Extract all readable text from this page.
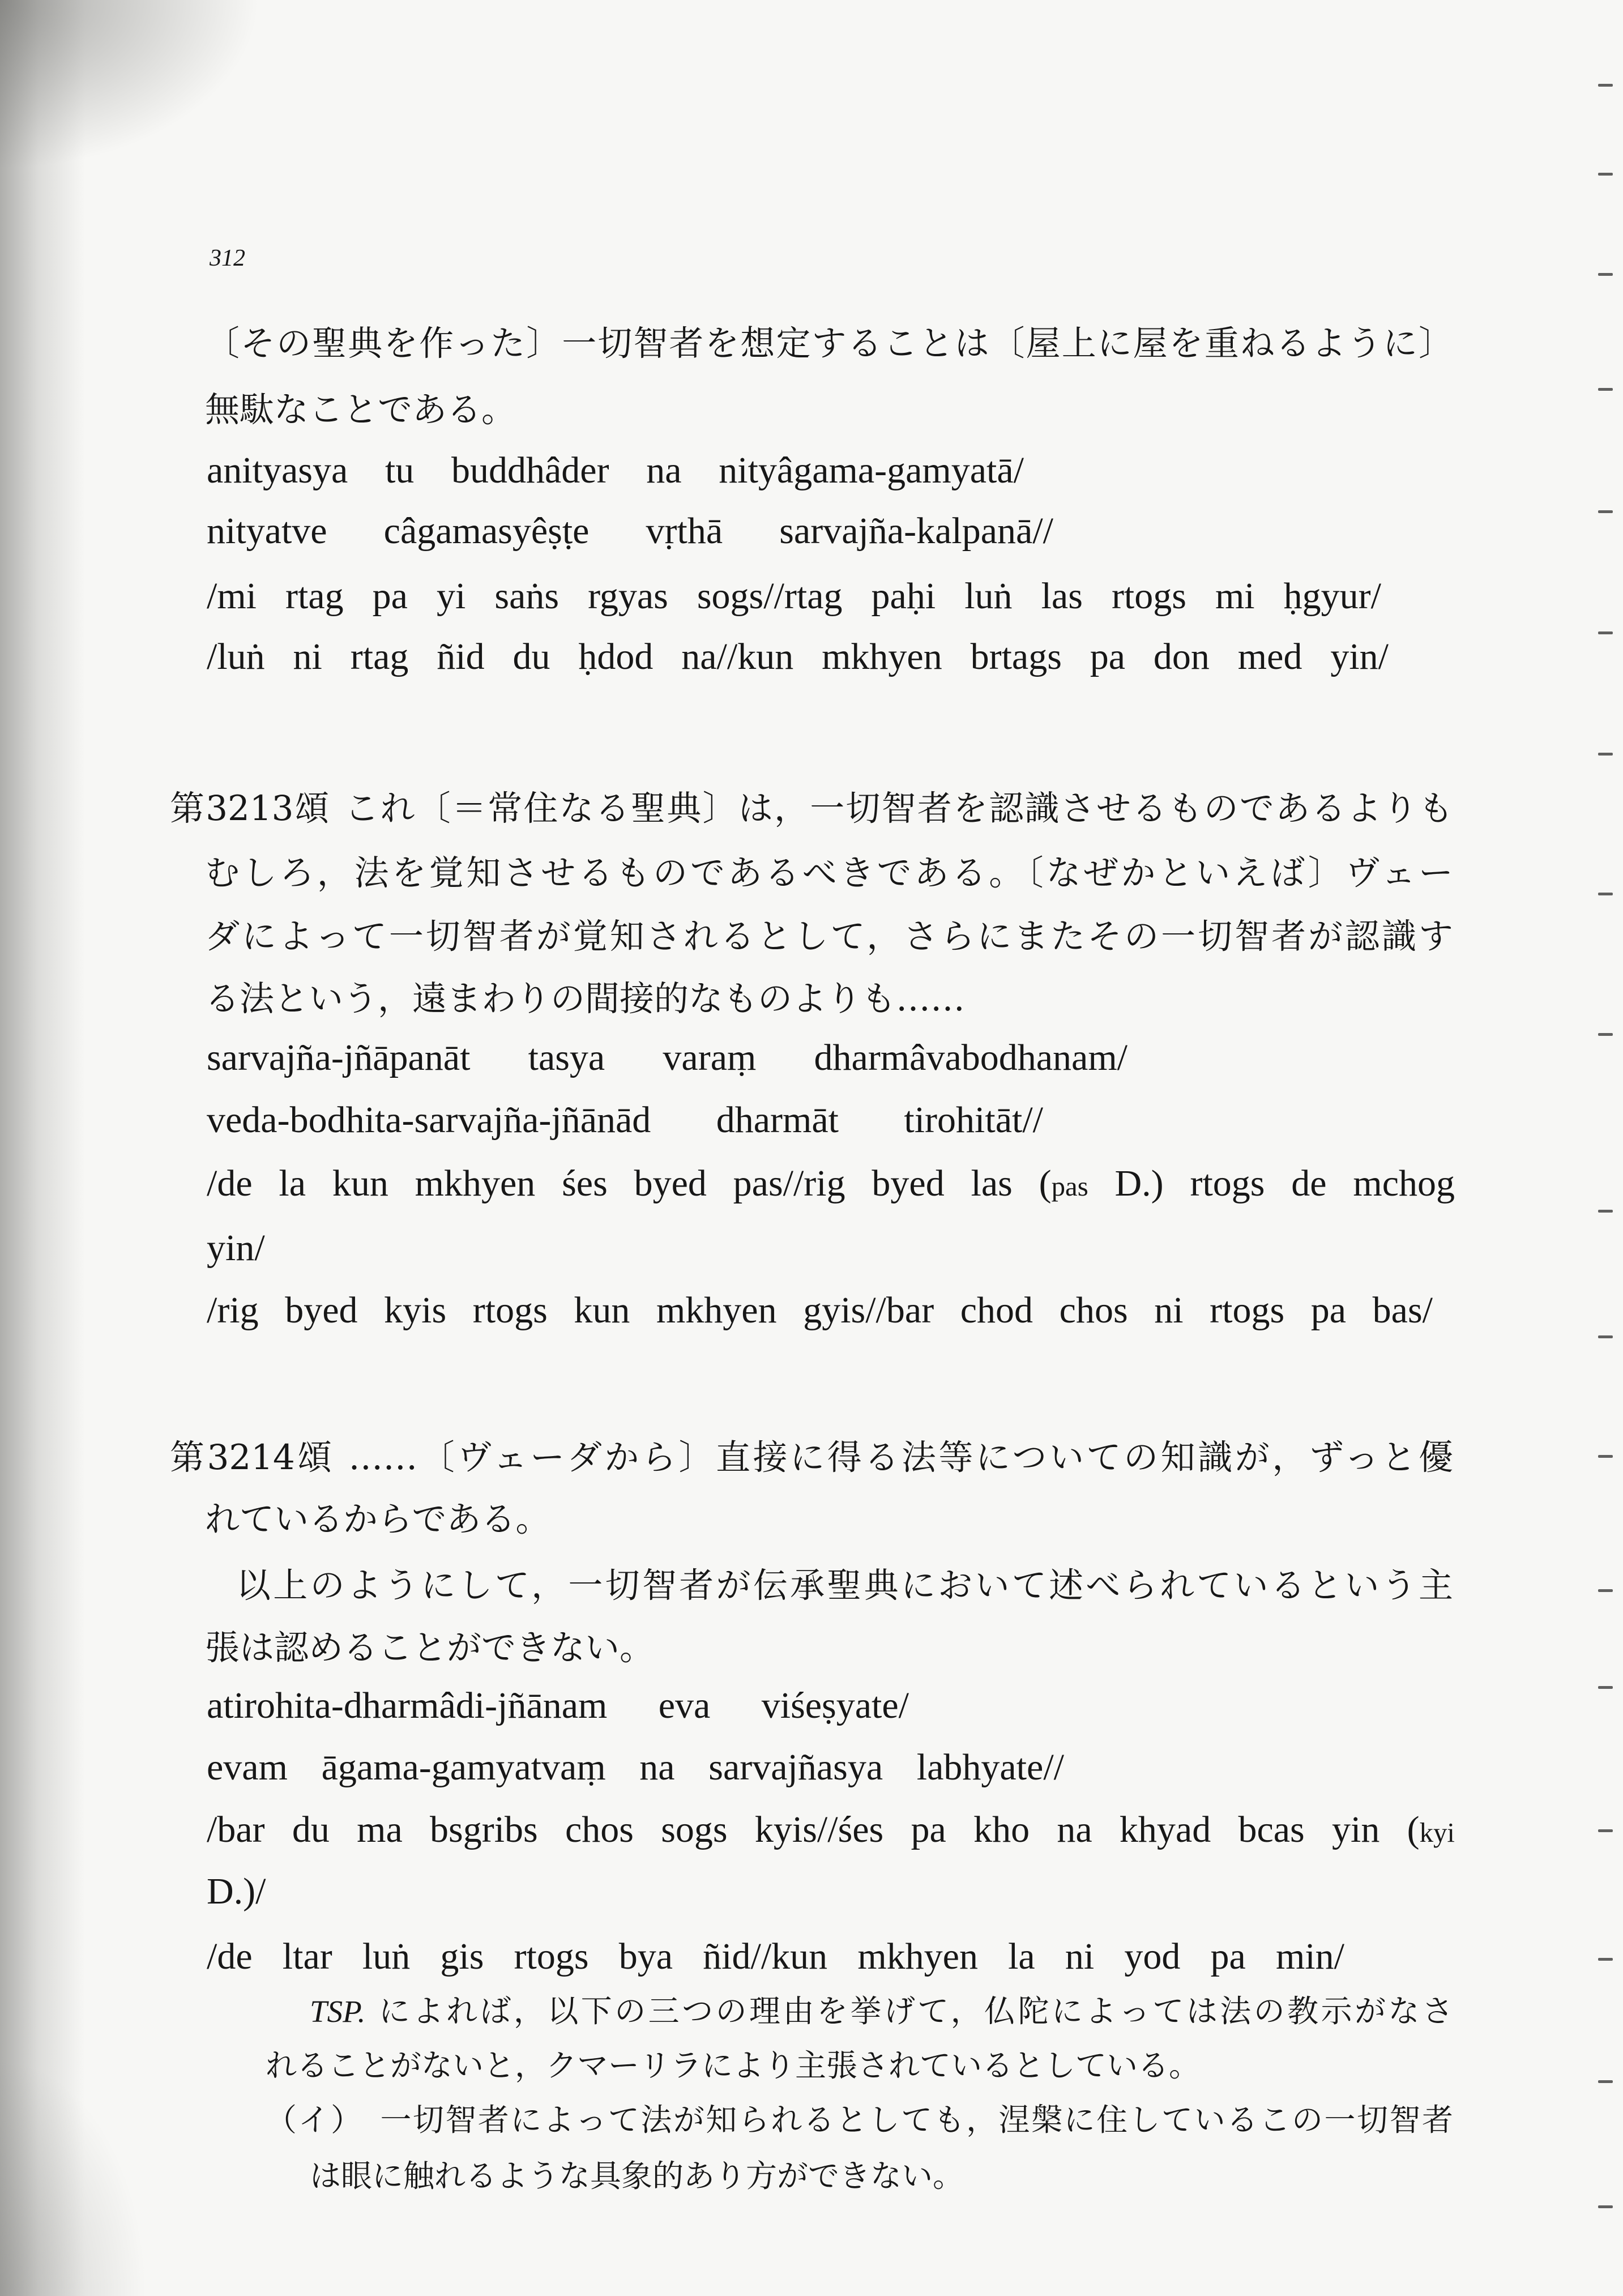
312
〔その聖典を作った〕一切智者を想定することは〔屋上に屋を重ねるように〕
無駄なことである。
anityasya tu buddhâder na nityâgama-gamyatā/
nityatve câgamasyêṣṭe vṛthā sarvajña-kalpanā//
/mi rtag pa yi saṅs rgyas sogs//rtag paḥi luṅ las rtogs mi ḥgyur/
/luṅ ni rtag ñid du ḥdod na//kun mkhyen brtags pa don med yin/
第3213頌 これ〔＝常住なる聖典〕は，一切智者を認識させるものであるよりも
むしろ，法を覚知させるものであるべきである。〔なぜかといえば〕ヴェー
ダによって一切智者が覚知されるとして，さらにまたその一切智者が認識す
る法という，遠まわりの間接的なものよりも……
sarvajña-jñāpanāt tasya varaṃ dharmâvabodhanam/
veda-bodhita-sarvajña-jñānād dharmāt tirohitāt//
/de la kun mkhyen śes byed pas//rig byed las (pas D.) rtogs de mchog
yin/
/rig byed kyis rtogs kun mkhyen gyis//bar chod chos ni rtogs pa bas/
第3214頌 ……〔ヴェーダから〕直接に得る法等についての知識が，ずっと優
れているからである。
以上のようにして，一切智者が伝承聖典において述べられているという主
張は認めることができない。
atirohita-dharmâdi-jñānam eva viśeṣyate/
evam āgama-gamyatvaṃ na sarvajñasya labhyate//
/bar du ma bsgribs chos sogs kyis//śes pa kho na khyad bcas yin (kyi
D.)/
/de ltar luṅ gis rtogs bya ñid//kun mkhyen la ni yod pa min/
TSP. によれば，以下の三つの理由を挙げて，仏陀によっては法の教示がなさ
れることがないと，クマーリラにより主張されているとしている。
（イ）　一切智者によって法が知られるとしても，涅槃に住しているこの一切智者
は眼に触れるような具象的あり方ができない。
